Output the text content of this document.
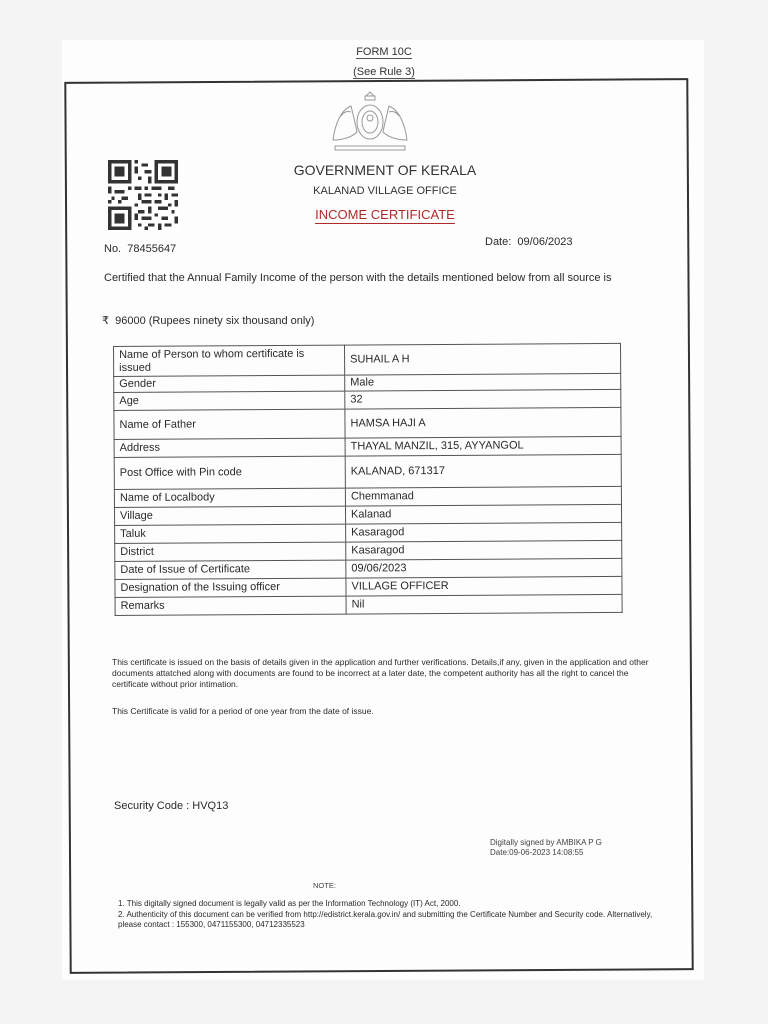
FORM 10C
(See Rule 3)
GOVERNMENT OF KERALA
KALANAD VILLAGE OFFICE
INCOME CERTIFICATE
No. 78455647
Date: 09/06/2023
Certified that the Annual Family Income of the person with the details mentioned below from all source is
₹ 96000 (Rupees ninety six thousand only)
Name of Person to whom certificate is issued	SUHAIL A H
Gender	Male
Age	32
Name of Father	HAMSA HAJI A
Address	THAYAL MANZIL, 315, AYYANGOL
Post Office with Pin code	KALANAD, 671317
Name of Localbody	Chemmanad
Village	Kalanad
Taluk	Kasaragod
District	Kasaragod
Date of Issue of Certificate	09/06/2023
Designation of the Issuing officer	VILLAGE OFFICER
Remarks	Nil
This certificate is issued on the basis of details given in the application and further verifications. Details,if any, given in the application and other documents attatched along with documents are found to be incorrect at a later date, the competent authority has all the right to cancel the certificate without prior intimation.
This Certificate is valid for a period of one year from the date of issue.
Security Code : HVQ13
Digitally signed by AMBIKA P G
Date:09-06-2023 14:08:55
NOTE:
1. This digitally signed document is legally valid as per the Information Technology (IT) Act, 2000.
2. Authenticity of this document can be verified from http://edistrict.kerala.gov.in/ and submitting the Certificate Number and Security code. Alternatively, please contact : 155300, 0471155300, 04712335523
